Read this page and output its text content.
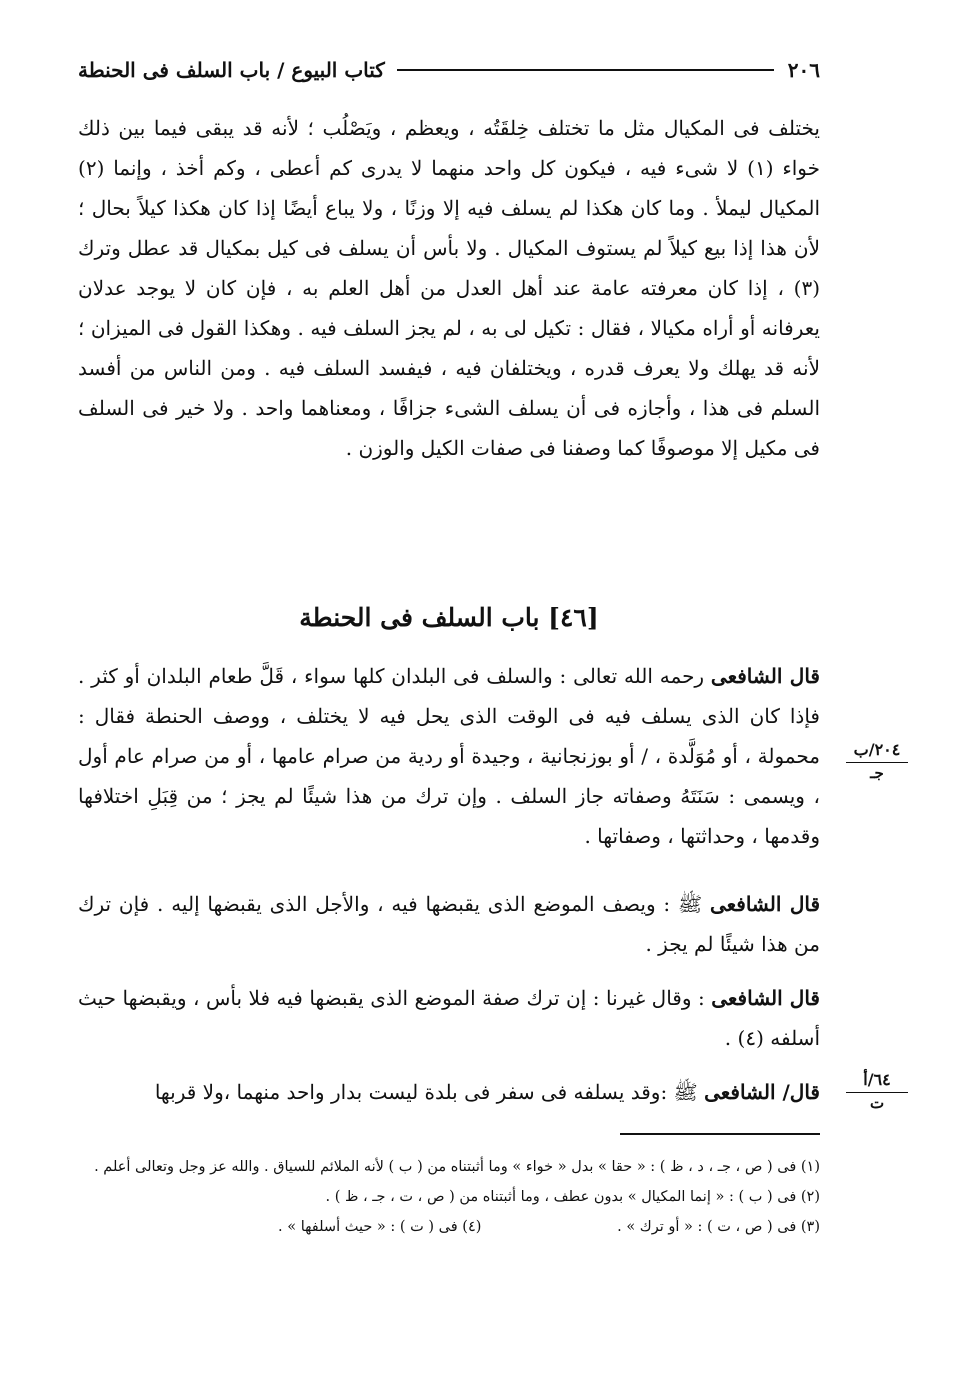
٢٠٦
كتاب البيوع / باب السلف فى الحنطة

يختلف فى المكيال مثل ما تختلف خِلقَتُه ، ويعظم ، ويَصْلُب ؛ لأنه قد يبقى فيما بين ذلك خواء (١) لا شىء فيه ، فيكون كل واحد منهما لا يدرى كم أعطى ، وكم أخذ ، وإنما (٢) المكيال ليملأ . وما كان هكذا لم يسلف فيه إلا وزنًا ، ولا يباع أيضًا إذا كان هكذا كيلاً بحال ؛ لأن هذا إذا بيع كيلاً لم يستوف المكيال . ولا بأس أن يسلف فى كيل بمكيال قد عطل وترك (٣) ، إذا كان معرفته عامة عند أهل العدل من أهل العلم به ، فإن كان لا يوجد عدلان يعرفانه أو أراه مكيالا ، فقال : تكيل لى به ، لم يجز السلف فيه . وهكذا القول فى الميزان ؛ لأنه قد يهلك ولا يعرف قدره ، ويختلفان فيه ، فيفسد السلف فيه . ومن الناس من أفسد السلم فى هذا ، وأجازه فى أن يسلف الشىء جزافًا ، ومعناهما واحد . ولا خير فى السلف فى مكيل إلا موصوفًا كما وصفنا فى صفات الكيل والوزن .

[٤٦] باب السلف فى الحنطة

قال الشافعى رحمه الله تعالى : والسلف فى البلدان كلها سواء ، قَلَّ طعام البلدان أو كثر . فإذا كان الذى يسلف فيه فى الوقت الذى يحل فيه لا يختلف ، ووصف الحنطة فقال : محمولة ، أو مُوَلَّدة ، / أو بوزنجانية ، وجيدة أو ردية من صرام عامها ، أو من صرام عام أول ، ويسمى : سَنَتَهُ وصفاته جاز السلف . وإن ترك من هذا شيئًا لم يجز ؛ من قِبَلِ اختلافها وقدمها ، وحداثتها ، وصفاتها .

قال الشافعى ﷺ : ويصف الموضع الذى يقبضها فيه ، والأجل الذى يقبضها إليه . فإن ترك من هذا شيئًا لم يجز .

قال الشافعى : وقال غيرنا : إن ترك صفة الموضع الذى يقبضها فيه فلا بأس ، ويقبضها حيث أسلفه (٤) .

قال/ الشافعى ﷺ :وقد يسلفه فى سفر فى بلدة ليست بدار واحد منهما ،ولا قربها

٢٠٤/ب
جـ
٦٤/أ
ت

(١) فى ( ص ، جـ ، د ، ظ ) : « حقا » بدل « خواء » وما أثبتناه من ( ب ) لأنه الملائم للسياق . والله عز وجل وتعالى أعلم .

(٢) فى ( ب ) : « إنما المكيال » بدون عطف ، وما أثبتناه من ( ص ، ت ، جـ ، ظ ) .

(٣) فى ( ص ، ت ) : « أو ترك » .

(٤) فى ( ت ) : « حيث أسلفها » .
